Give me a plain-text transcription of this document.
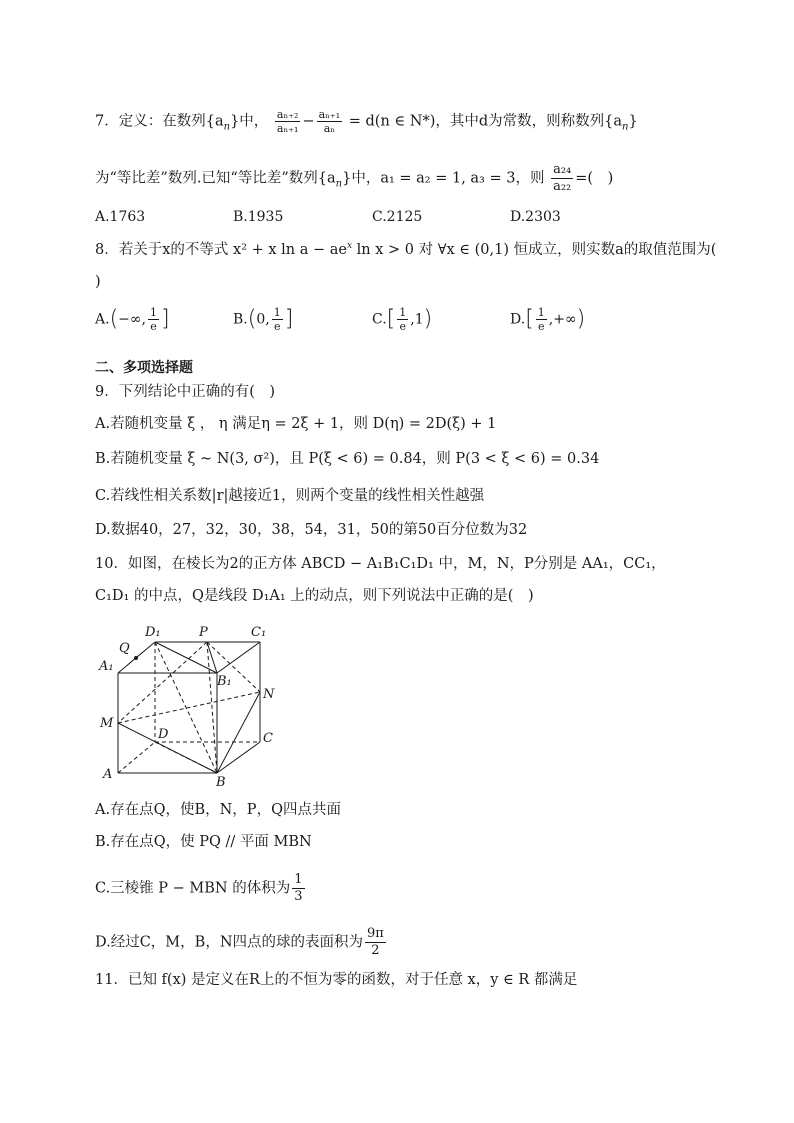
7．定义：在数列$\{a_n\}$中， $\frac{\text{aₙ₊₂}}{\text{aₙ₊₁}} - \frac{\text{aₙ₊₁}}{\text{aₙ}} = d(n$ ∈ N*)，其中d为常数，则称数列$\{a_n\}$
为“等比差”数列.已知“等比差”数列$\{a_n\}$中，a₁ = a₂ = 1, a₃ = 3，则 $\frac{\text{a₂₄}}{\text{a₂₂}}$ =(　)
A.1763	B.1935	C.2125	D.2303
8．若关于x的不等式 x² + x $\ln a - ae^x$ ln x > 0 对 ∀x ∈ (0,1) 恒成立，则实数a的取值范围为(
)
A.(−∞, $\frac{1}{e}$ ]	B.(0, $\frac{1}{e}$ ]	$C.[ \frac{1}{e} ,1)$	$D.[ \frac{1}{e}$ ,+∞)
二、多项选择题
9．下列结论中正确的有(　)
A.若随机变量 ξ ， η 满足η = 2ξ + 1，则 D(η) = 2D(ξ) + 1
B.若随机变量 ξ ~ N(3, σ²)，且 P(ξ < 6) = 0.84，则 P(3 < ξ < 6) = 0.34
C.若线性相关系数|r|越接近1，则两个变量的线性相关性越强
D.数据40，27，32，30，38，54，31，50的第50百分位数为32
10．如图，在棱长为2的正方体 ABCD − A₁B₁C₁D₁ 中，M，N，P分别是 AA₁，CC₁，
C₁D₁ 的中点，Q是线段 D₁A₁ 上的动点，则下列说法中正确的是(　)
D₁	P	C₁
Q
A₁
B₁
N
M
D	C
A
B
A.存在点Q，使B，N，P，Q四点共面
B.存在点Q，使 PQ // 平面 MBN
C.三棱锥 P − MBN 的体积为 $\frac{1}{3}$
D.经过C，M，B，N四点的球的表面积为 $\frac{9\pi}{2}$
11．已知 f(x) 是定义在R上的不恒为零的函数，对于任意 x，y ∈ R 都满足
